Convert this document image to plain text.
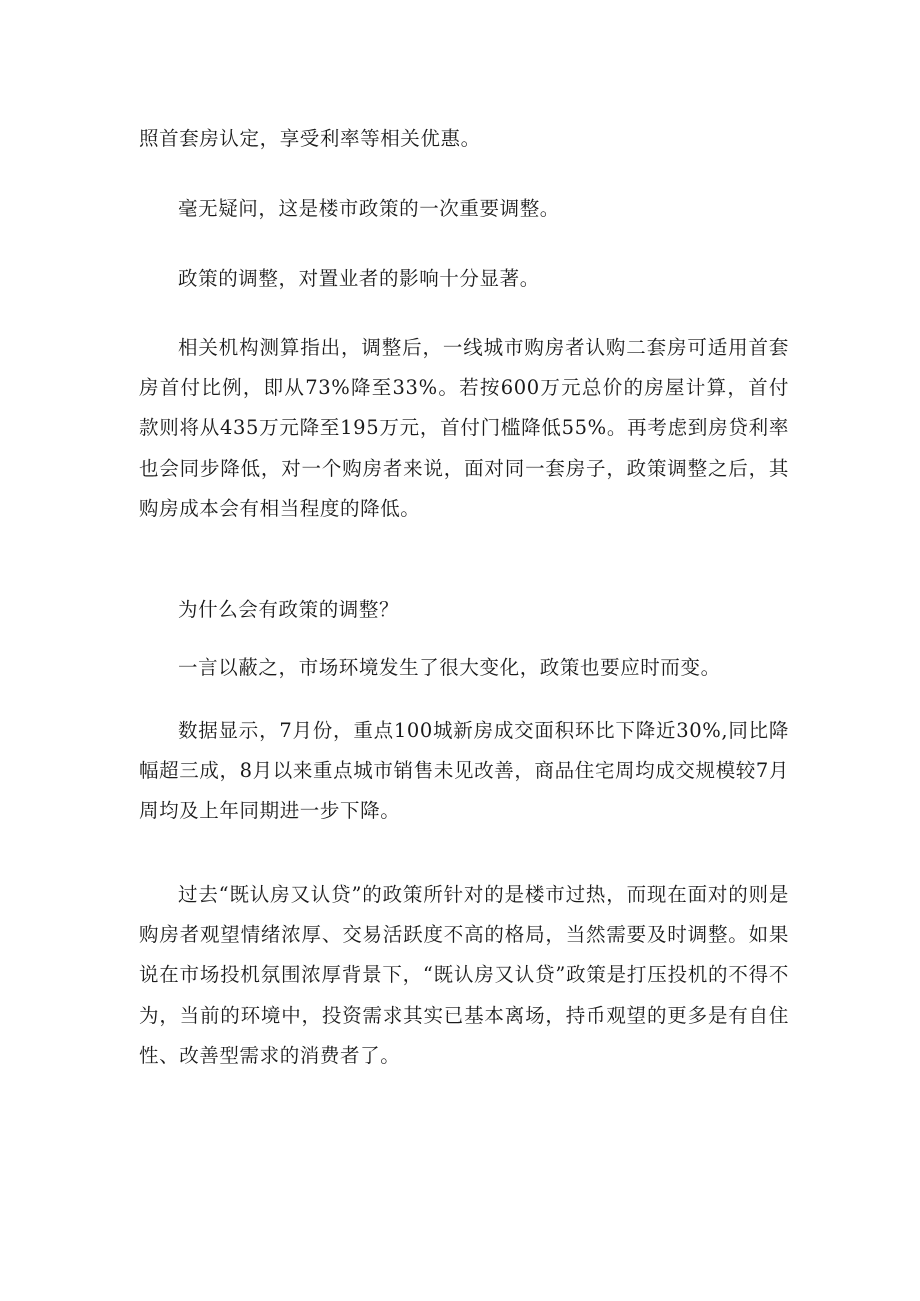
照首套房认定，享受利率等相关优惠。

毫无疑问，这是楼市政策的一次重要调整。

政策的调整，对置业者的影响十分显著。

相关机构测算指出，调整后，一线城市购房者认购二套房可适用首套房首付比例，即从73%降至33%。若按600万元总价的房屋计算，首付款则将从435万元降至195万元，首付门槛降低55%。再考虑到房贷利率也会同步降低，对一个购房者来说，面对同一套房子，政策调整之后，其购房成本会有相当程度的降低。

为什么会有政策的调整？

一言以蔽之，市场环境发生了很大变化，政策也要应时而变。

数据显示，7月份，重点100城新房成交面积环比下降近30%,同比降幅超三成，8月以来重点城市销售未见改善，商品住宅周均成交规模较7月周均及上年同期进一步下降。

过去“既认房又认贷”的政策所针对的是楼市过热，而现在面对的则是购房者观望情绪浓厚、交易活跃度不高的格局，当然需要及时调整。如果说在市场投机氛围浓厚背景下，“既认房又认贷”政策是打压投机的不得不为，当前的环境中，投资需求其实已基本离场，持币观望的更多是有自住性、改善型需求的消费者了。
